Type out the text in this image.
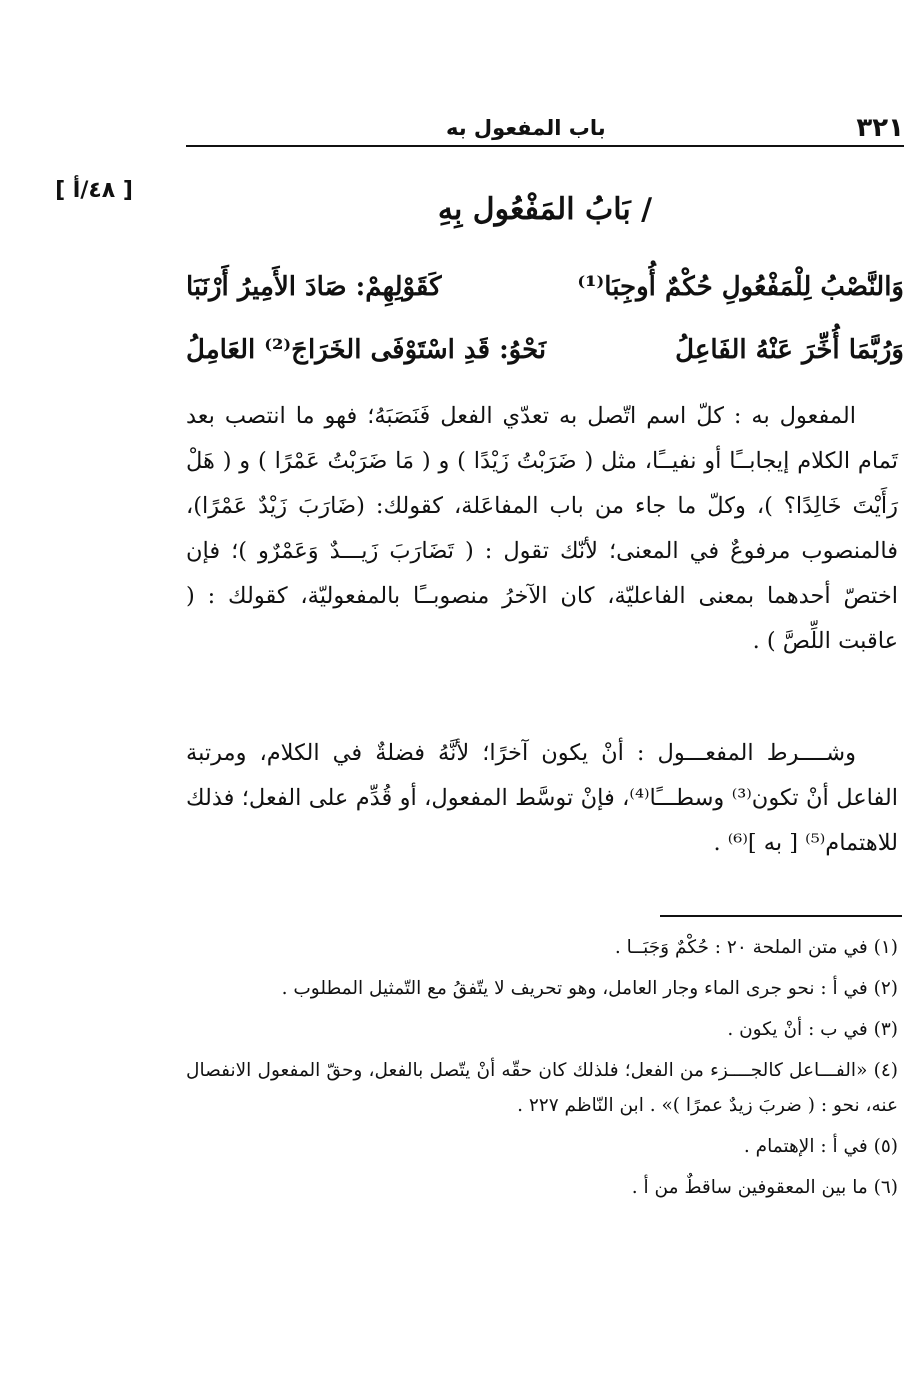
٣٢١
باب المفعول به
[ ٤٨/أ ]
/ بَابُ المَفْعُول بِهِ
وَالنَّصْبُ لِلْمَفْعُولِ حُكْمٌ أُوجِبَا⁽¹⁾
كَقَوْلِهِمْ: صَادَ الأَمِيرُ أَرْنَبَا
وَرُبَّمَا أُخِّرَ عَنْهُ الفَاعِلُ
نَحْوُ: قَدِ اسْتَوْفَى الخَرَاجَ⁽²⁾ العَامِلُ
المفعول به : كلّ اسم اتّصل به تعدّي الفعل فَنَصَبَهُ؛ فهو ما انتصب بعد تَمام الكلام إيجابــًا أو نفيــًا، مثل ( ضَرَبْتُ زَيْدًا ) و ( مَا ضَرَبْتُ عَمْرًا ) و ( هَلْ رَأَيْتَ خَالِدًا؟ )، وكلّ ما جاء من باب المفاعَلة، كقولك: (ضَارَبَ زَيْدٌ عَمْرًا)، فالمنصوب مرفوعٌ في المعنى؛ لأنّك تقول : ( تَضَارَبَ زَيـــدٌ وَعَمْرٌو )؛ فإن اختصّ أحدهما بمعنى الفاعليّة، كان الآخرُ منصوبــًا بالمفعوليّة، كقولك : ( عاقبت اللِّصَّ ) .
وشــــرط المفعـــول : أنْ يكون آخرًا؛ لأنَّهُ فضلةٌ في الكلام، ومرتبة الفاعل أنْ تكون⁽³⁾ وسطـــًا⁽⁴⁾، فإنْ توسَّط المفعول، أو قُدِّم على الفعل؛ فذلك للاهتمام⁽⁵⁾ [ به ]⁽⁶⁾ .

(١) في متن الملحة ٢٠ : حُكْمٌ وَجَبَــا .

(٢) في أ : نحو جرى الماء وجار العامل، وهو تحريف لا يتّفقُ مع التّمثيل المطلوب .

(٣) في ب : أنْ يكون .

(٤) «الفـــاعل كالجــــزء من الفعل؛ فلذلك كان حقّه أنْ يتّصل بالفعل، وحقّ المفعول الانفصال عنه، نحو : ( ضربَ زيدٌ عمرًا )» . ابن النّاظم ٢٢٧ .

(٥) في أ : الإهتمام .

(٦) ما بين المعقوفين ساقطٌ من أ .
